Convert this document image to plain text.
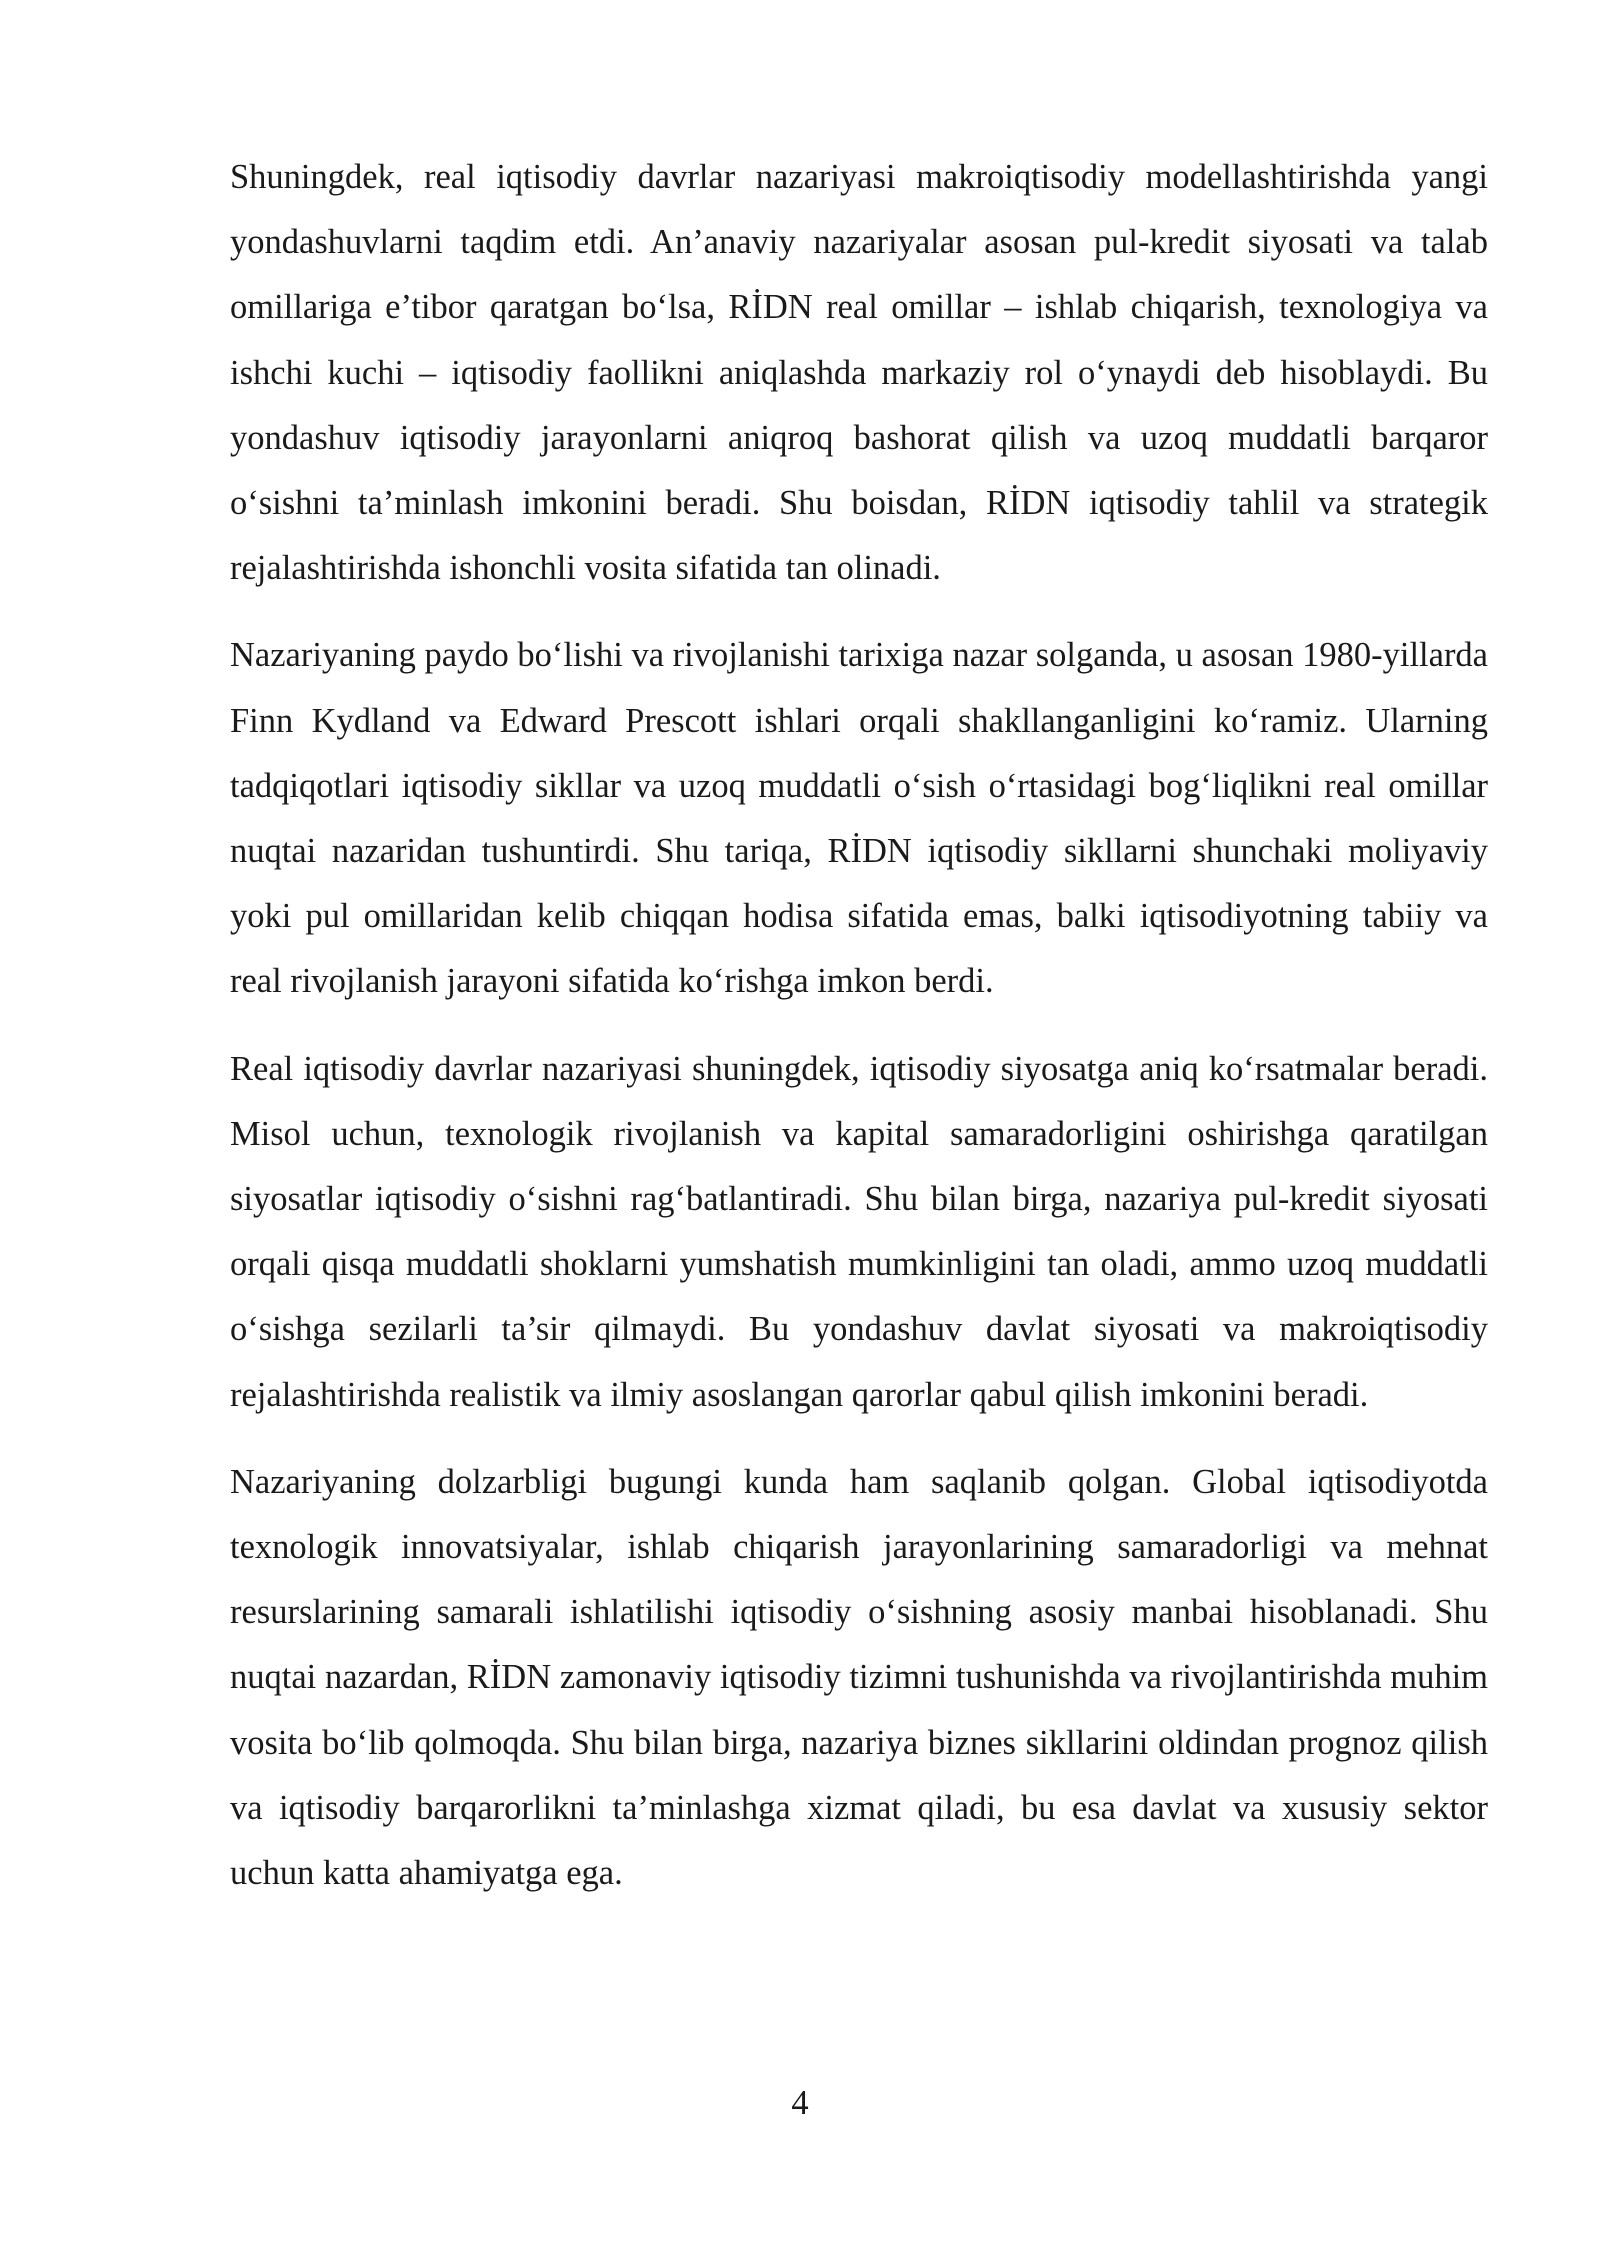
Shuningdek, real iqtisodiy davrlar nazariyasi makroiqtisodiy modellashtirishda yangi yondashuvlarni taqdim etdi. An’anaviy nazariyalar asosan pul-kredit siyosati va talab omillariga e’tibor qaratgan bo‘lsa, RİDN real omillar – ishlab chiqarish, texnologiya va ishchi kuchi – iqtisodiy faollikni aniqlashda markaziy rol o‘ynaydi deb hisoblaydi. Bu yondashuv iqtisodiy jarayonlarni aniqroq bashorat qilish va uzoq muddatli barqaror o‘sishni ta’minlash imkonini beradi. Shu boisdan, RİDN iqtisodiy tahlil va strategik rejalashtirishda ishonchli vosita sifatida tan olinadi.

Nazariyaning paydo bo‘lishi va rivojlanishi tarixiga nazar solganda, u asosan 1980-yillarda Finn Kydland va Edward Prescott ishlari orqali shakllanganligini ko‘ramiz. Ularning tadqiqotlari iqtisodiy sikllar va uzoq muddatli o‘sish o‘rtasidagi bog‘liqlikni real omillar nuqtai nazaridan tushuntirdi. Shu tariqa, RİDN iqtisodiy sikllarni shunchaki moliyaviy yoki pul omillaridan kelib chiqqan hodisa sifatida emas, balki iqtisodiyotning tabiiy va real rivojlanish jarayoni sifatida ko‘rishga imkon berdi.

Real iqtisodiy davrlar nazariyasi shuningdek, iqtisodiy siyosatga aniq ko‘rsatmalar beradi. Misol uchun, texnologik rivojlanish va kapital samaradorligini oshirishga qaratilgan siyosatlar iqtisodiy o‘sishni rag‘batlantiradi. Shu bilan birga, nazariya pul-kredit siyosati orqali qisqa muddatli shoklarni yumshatish mumkinligini tan oladi, ammo uzoq muddatli o‘sishga sezilarli ta’sir qilmaydi. Bu yondashuv davlat siyosati va makroiqtisodiy rejalashtirishda realistik va ilmiy asoslangan qarorlar qabul qilish imkonini beradi.

Nazariyaning dolzarbligi bugungi kunda ham saqlanib qolgan. Global iqtisodiyotda texnologik innovatsiyalar, ishlab chiqarish jarayonlarining samaradorligi va mehnat resurslarining samarali ishlatilishi iqtisodiy o‘sishning asosiy manbai hisoblanadi. Shu nuqtai nazardan, RİDN zamonaviy iqtisodiy tizimni tushunishda va rivojlantirishda muhim vosita bo‘lib qolmoqda. Shu bilan birga, nazariya biznes sikllarini oldindan prognoz qilish va iqtisodiy barqarorlikni ta’minlashga xizmat qiladi, bu esa davlat va xususiy sektor uchun katta ahamiyatga ega.

4
